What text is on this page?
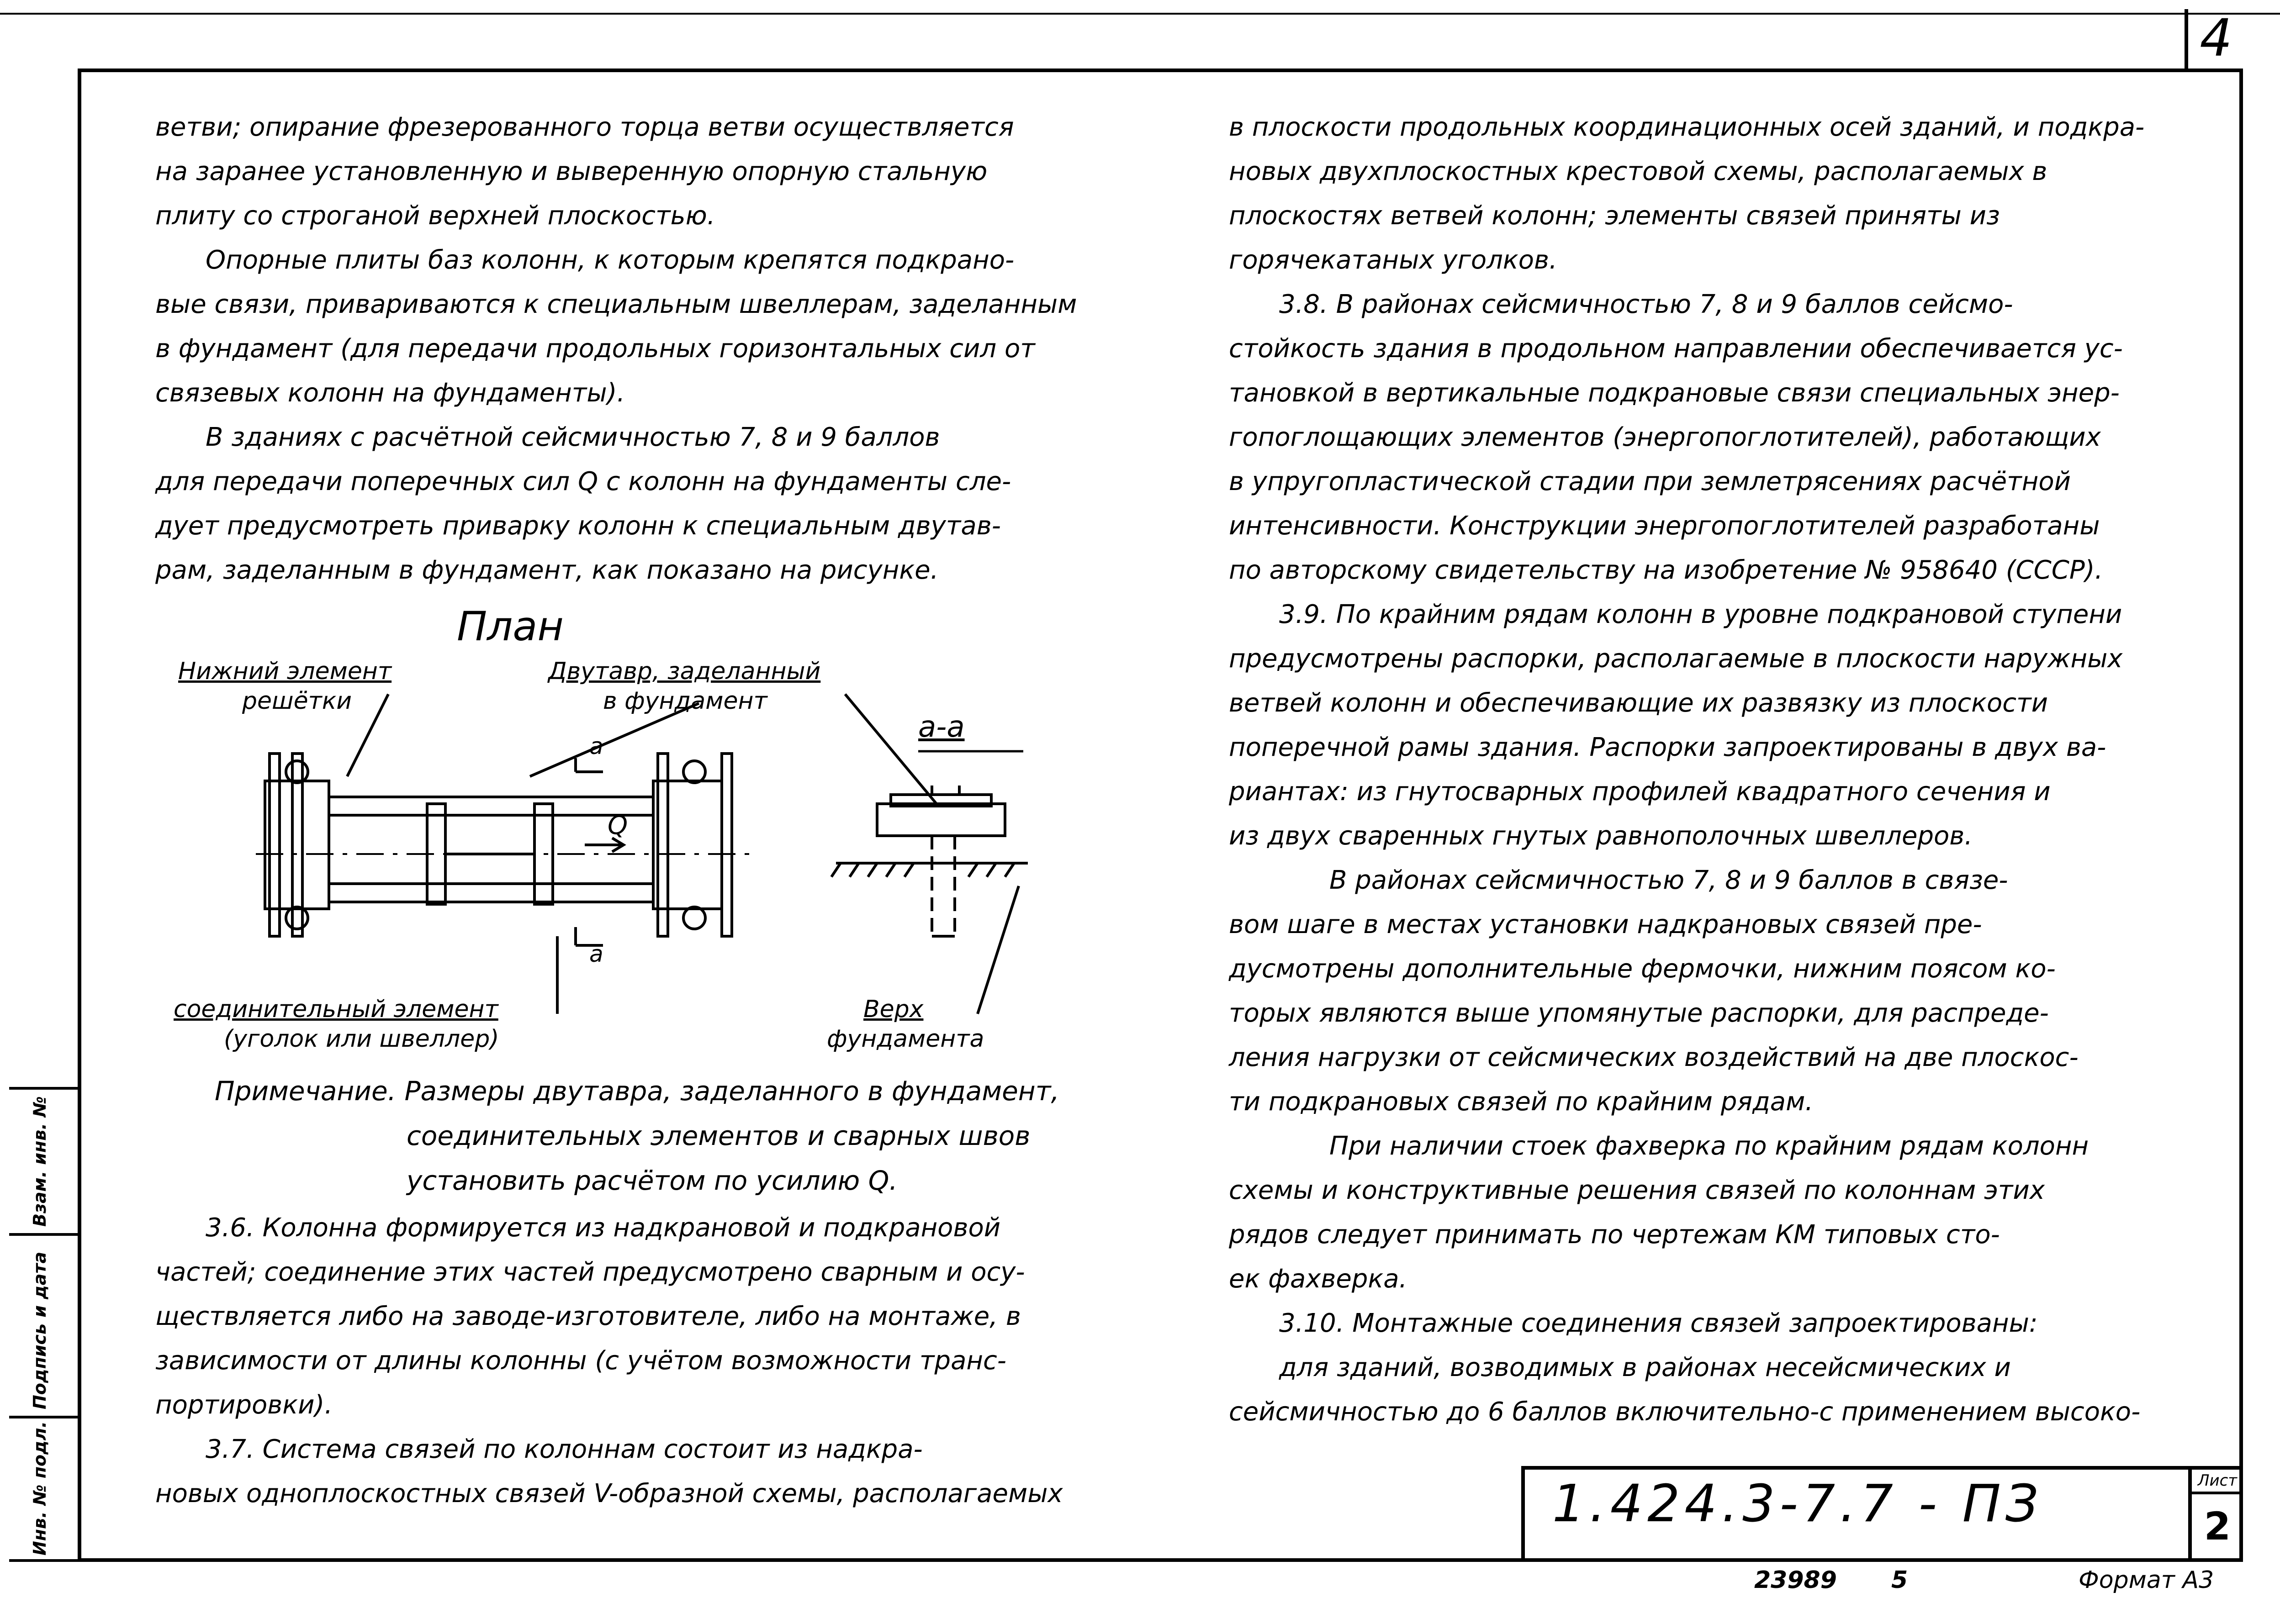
4

ветви; опирание фрезерованного торца ветви осуществляется

на заранее установленную и выверенную опорную стальную

плиту со строганой верхней плоскостью.

Опорные плиты баз колонн, к которым крепятся подкрано-

вые связи, привариваются к специальным швеллерам, заделанным

в фундамент (для передачи продольных горизонтальных сил от

связевых колонн на фундаменты).

В зданиях с расчётной сейсмичностью 7, 8 и 9 баллов

для передачи поперечных сил Q с колонн на фундаменты сле-

дует предусмотреть приварку колонн к специальным двутав-

рам, заделанным в фундамент, как показано на рисунке.

План
Нижний элемент
решётки
Двутавр, заделанный
в фундамент
соединительный элемент
(уголок или швеллер)
Верх
фундамента
а-а
а
а
Q

Примечание. Размеры двутавра, заделанного в фундамент,

соединительных элементов и сварных швов

установить расчётом по усилию Q.

3.6. Колонна формируется из надкрановой и подкрановой

частей; соединение этих частей предусмотрено сварным и осу-

ществляется либо на заводе-изготовителе, либо на монтаже, в

зависимости от длины колонны (с учётом возможности транс-

портировки).

3.7. Система связей по колоннам состоит из надкра-

новых одноплоскостных связей V-образной схемы, располагаемых

в плоскости продольных координационных осей зданий, и подкра-

новых двухплоскостных крестовой схемы, располагаемых в

плоскостях ветвей колонн; элементы связей приняты из

горячекатаных уголков.

3.8. В районах сейсмичностью 7, 8 и 9 баллов сейсмо-

стойкость здания в продольном направлении обеспечивается ус-

тановкой в вертикальные подкрановые связи специальных энер-

гопоглощающих элементов (энергопоглотителей), работающих

в упругопластической стадии при землетрясениях расчётной

интенсивности. Конструкции энергопоглотителей разработаны

по авторскому свидетельству на изобретение № 958640 (СССР).

3.9. По крайним рядам колонн в уровне подкрановой ступени

предусмотрены распорки, располагаемые в плоскости наружных

ветвей колонн и обеспечивающие их развязку из плоскости

поперечной рамы здания. Распорки запроектированы в двух ва-

риантах: из гнутосварных профилей квадратного сечения и

из двух сваренных гнутых равнополочных швеллеров.

В районах сейсмичностью 7, 8 и 9 баллов в связе-

вом шаге в местах установки надкрановых связей пре-

дусмотрены дополнительные фермочки, нижним поясом ко-

торых являются выше упомянутые распорки, для распреде-

ления нагрузки от сейсмических воздействий на две плоскос-

ти подкрановых связей по крайним рядам.

При наличии стоек фахверка по крайним рядам колонн

схемы и конструктивные решения связей по колоннам этих

рядов следует принимать по чертежам КМ типовых сто-

ек фахверка.

3.10. Монтажные соединения связей запроектированы:

для зданий, возводимых в районах несейсмических и

сейсмичностью до 6 баллов включительно-с применением высоко-

Взам. инв. №
Подпись и дата
Инв. № подл.	1.424.3-7.7 - ПЗ	Лист
2
23989 5	Формат А3
